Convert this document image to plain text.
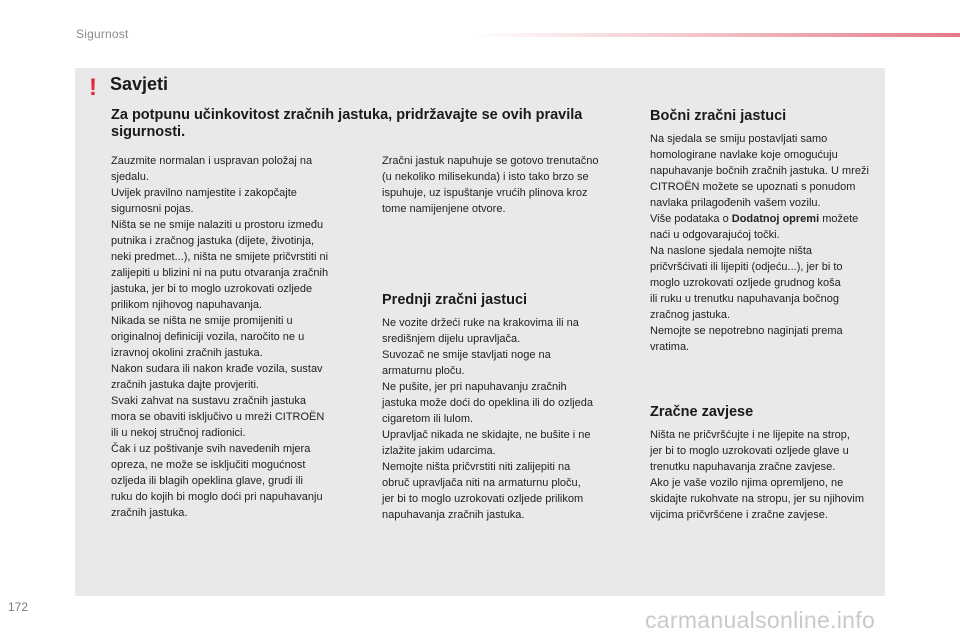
Sigurnost
! Savjeti
Za potpunu učinkovitost zračnih jastuka, pridržavajte se ovih pravila sigurnosti.
Zauzmite normalan i uspravan položaj na
sjedalu.
Uvijek pravilno namjestite i zakopčajte
sigurnosni pojas.
Ništa se ne smije nalaziti u prostoru između
putnika i zračnog jastuka (dijete, životinja,
neki predmet...), ništa ne smijete pričvrstiti ni
zalijepiti u blizini ni na putu otvaranja zračnih
jastuka, jer bi to moglo uzrokovati ozljede
prilikom njihovog napuhavanja.
Nikada se ništa ne smije promijeniti u
originalnoj definiciji vozila, naročito ne u
izravnoj okolini zračnih jastuka.
Nakon sudara ili nakon krađe vozila, sustav
zračnih jastuka dajte provjeriti.
Svaki zahvat na sustavu zračnih jastuka
mora se obaviti isključivo u mreži CITROËN
ili u nekoj stručnoj radionici.
Čak i uz poštivanje svih navedenih mjera
opreza, ne može se isključiti mogućnost
ozljeda ili blagih opeklina glave, grudi ili
ruku do kojih bi moglo doći pri napuhavanju
zračnih jastuka.
Zračni jastuk napuhuje se gotovo trenutačno
(u nekoliko milisekunda) i isto tako brzo se
ispuhuje, uz ispuštanje vrućih plinova kroz
tome namijenjene otvore.
Prednji zračni jastuci
Ne vozite držeći ruke na krakovima ili na
središnjem dijelu upravljača.
Suvozač ne smije stavljati noge na
armaturnu ploču.
Ne pušite, jer pri napuhavanju zračnih
jastuka može doći do opeklina ili do ozljeda
cigaretom ili lulom.
Upravljač nikada ne skidajte, ne bušite i ne
izlažite jakim udarcima.
Nemojte ništa pričvrstiti niti zalijepiti na
obruč upravljača niti na armaturnu ploču,
jer bi to moglo uzrokovati ozljede prilikom
napuhavanja zračnih jastuka.
Bočni zračni jastuci
Na sjedala se smiju postavljati samo
homologirane navlake koje omogućuju
napuhavanje bočnih zračnih jastuka. U mreži
CITROËN možete se upoznati s ponudom
navlaka prilagođenih vašem vozilu.
Više podataka o Dodatnoj opremi možete
naći u odgovarajućoj točki.
Na naslone sjedala nemojte ništa
pričvršćivati ili lijepiti (odjeću...), jer bi to
moglo uzrokovati ozljede grudnog koša
ili ruku u trenutku napuhavanja bočnog
zračnog jastuka.
Nemojte se nepotrebno naginjati prema
vratima.
Zračne zavjese
Ništa ne pričvršćujte i ne lijepite na strop,
jer bi to moglo uzrokovati ozljede glave u
trenutku napuhavanja zračne zavjese.
Ako je vaše vozilo njima opremljeno, ne
skidajte rukohvate na stropu, jer su njihovim
vijcima pričvršćene i zračne zavjese.
172	carmanualsonline.info
